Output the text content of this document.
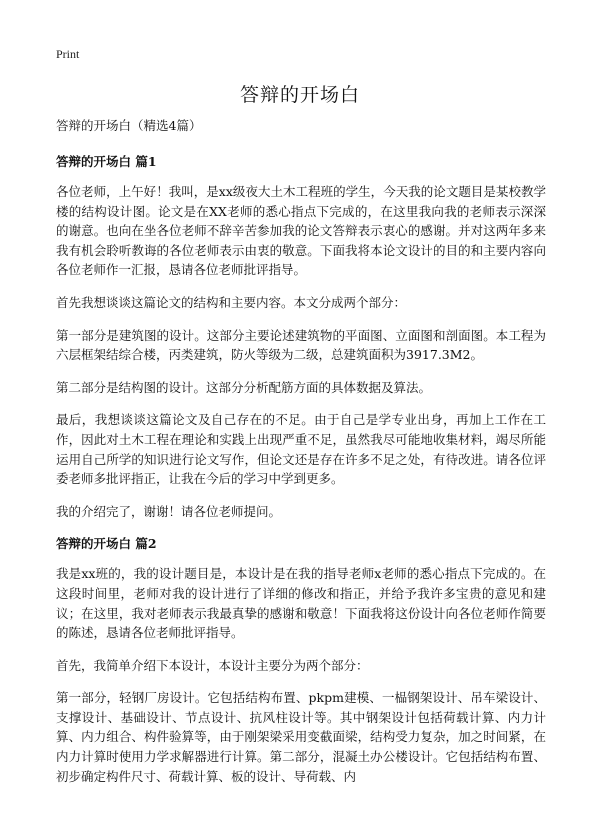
Print
答辩的开场白
答辩的开场白（精选4篇）
答辩的开场白 篇1

各位老师，上午好！我叫，是xx级夜大土木工程班的学生，今天我的论文题目是某校教学楼的结构设计图。论文是在XX老师的悉心指点下完成的，在这里我向我的老师表示深深的谢意。也向在坐各位老师不辞辛苦参加我的论文答辩表示衷心的感谢。并对这两年多来我有机会聆听教诲的各位老师表示由衷的敬意。下面我将本论文设计的目的和主要内容向各位老师作一汇报，恳请各位老师批评指导。

首先我想谈谈这篇论文的结构和主要内容。本文分成两个部分：

第一部分是建筑图的设计。这部分主要论述建筑物的平面图、立面图和剖面图。本工程为六层框架结综合楼，丙类建筑，防火等级为二级，总建筑面积为3917.3M2。

第二部分是结构图的设计。这部分分析配筋方面的具体数据及算法。

最后，我想谈谈这篇论文及自己存在的不足。由于自己是学专业出身，再加上工作在工作，因此对土木工程在理论和实践上出现严重不足，虽然我尽可能地收集材料，竭尽所能运用自己所学的知识进行论文写作，但论文还是存在许多不足之处，有待改进。请各位评委老师多批评指正，让我在今后的学习中学到更多。

我的介绍完了，谢谢！请各位老师提问。

答辩的开场白 篇2

我是xx班的，我的设计题目是，本设计是在我的指导老师x老师的悉心指点下完成的。在这段时间里，老师对我的设计进行了详细的修改和指正，并给予我许多宝贵的意见和建议；在这里，我对老师表示我最真挚的感谢和敬意！下面我将这份设计向各位老师作简要的陈述，恳请各位老师批评指导。

首先，我简单介绍下本设计，本设计主要分为两个部分：

第一部分，轻钢厂房设计。它包括结构布置、pkpm建模、一榀钢架设计、吊车梁设计、支撑设计、基础设计、节点设计、抗风柱设计等。其中钢架设计包括荷载计算、内力计算、内力组合、构件验算等，由于刚架梁采用变截面梁，结构受力复杂，加之时间紧，在内力计算时使用力学求解器进行计算。第二部分，混凝土办公楼设计。它包括结构布置、初步确定构件尺寸、荷载计算、板的设计、导荷载、内
